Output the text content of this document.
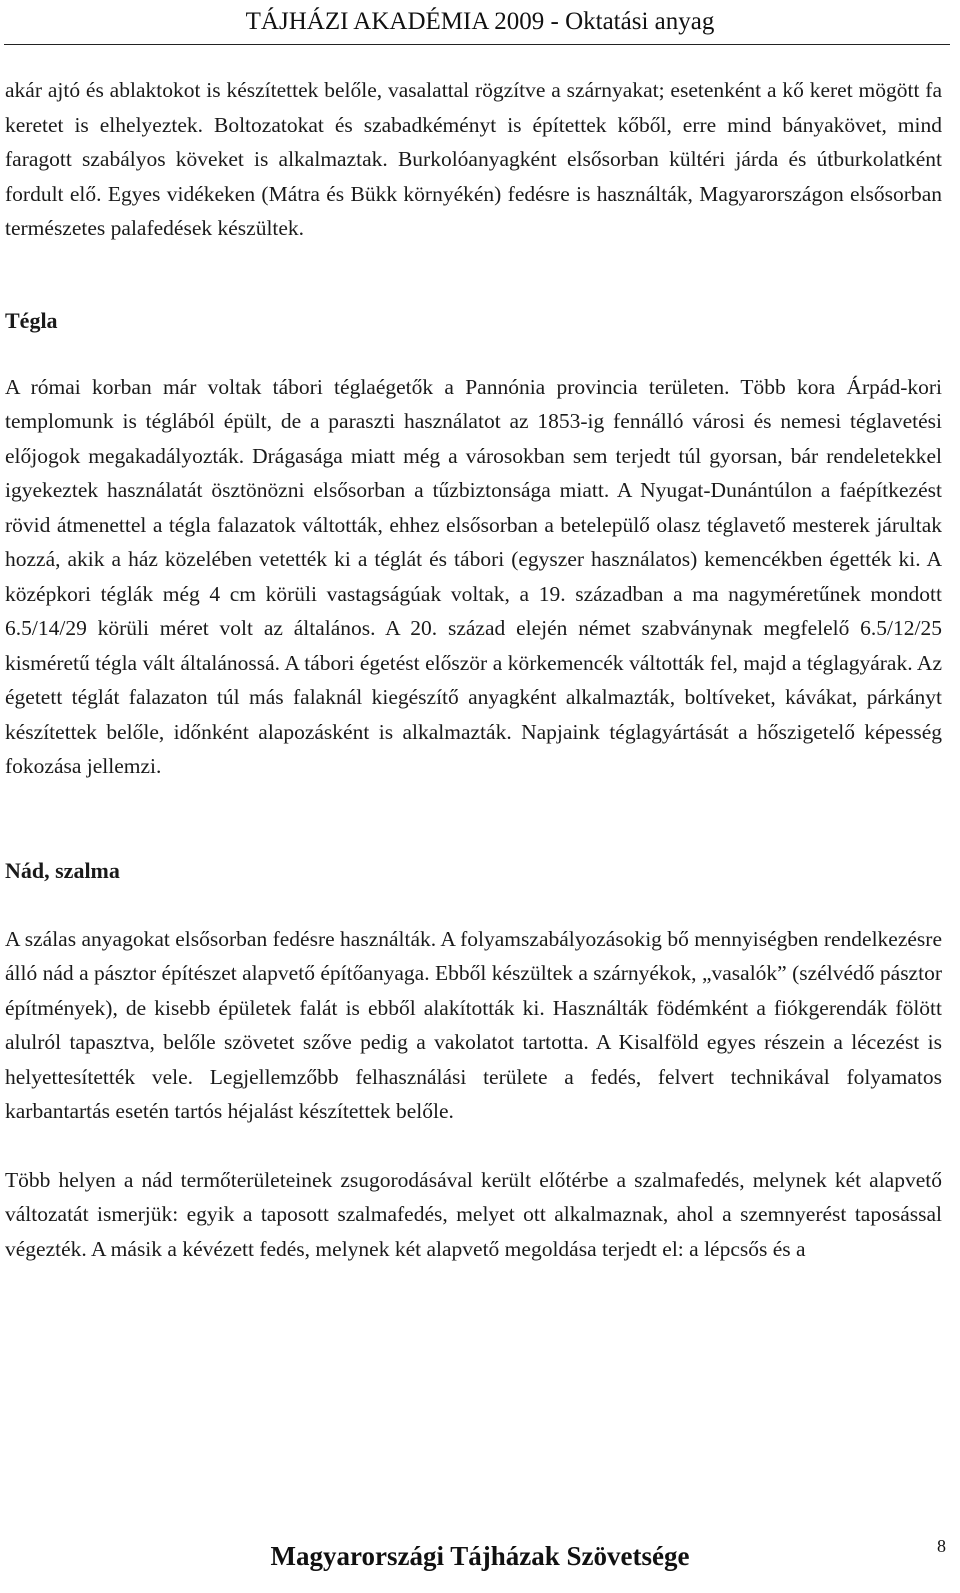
TÁJHÁZI AKADÉMIA 2009 - Oktatási anyag

akár ajtó és ablaktokot is készítettek belőle, vasalattal rögzítve a szárnyakat; esetenként a kő keret mögött fa keretet is elhelyeztek. Boltozatokat és szabadkéményt is építettek kőből, erre mind bányakövet, mind faragott szabályos köveket is alkalmaztak. Burkolóanyagként elsősorban kültéri járda és útburkolatként fordult elő. Egyes vidékeken (Mátra és Bükk környékén) fedésre is használták, Magyarországon elsősorban természetes palafedések készültek.

Tégla

A római korban már voltak tábori téglaégetők a Pannónia provincia területen. Több kora Árpád-kori templomunk is téglából épült, de a paraszti használatot az 1853-ig fennálló városi és nemesi téglavetési előjogok megakadályozták. Drágasága miatt még a városokban sem terjedt túl gyorsan, bár rendeletekkel igyekeztek használatát ösztönözni elsősorban a tűzbiztonsága miatt. A Nyugat-Dunántúlon a faépítkezést rövid átmenettel a tégla falazatok váltották, ehhez elsősorban a betelepülő olasz téglavető mesterek járultak hozzá, akik a ház közelében vetették ki a téglát és tábori (egyszer használatos) kemencékben égették ki. A középkori téglák még 4 cm körüli vastagságúak voltak, a 19. században a ma nagyméretűnek mondott 6.5/14/29 körüli méret volt az általános. A 20. század elején német szabványnak megfelelő 6.5/12/25 kisméretű tégla vált általánossá. A tábori égetést először a körkemencék váltották fel, majd a téglagyárak. Az égetett téglát falazaton túl más falaknál kiegészítő anyagként alkalmazták, boltíveket, kávákat, párkányt készítettek belőle, időnként alapozásként is alkalmazták. Napjaink téglagyártását a hőszigetelő képesség fokozása jellemzi.

Nád, szalma

A szálas anyagokat elsősorban fedésre használták. A folyamszabályozásokig bő mennyiségben rendelkezésre álló nád a pásztor építészet alapvető építőanyaga. Ebből készültek a szárnyékok, „vasalók” (szélvédő pásztor építmények), de kisebb épületek falát is ebből alakították ki. Használták födémként a fiókgerendák fölött alulról tapasztva, belőle szövetet szőve pedig a vakolatot tartotta. A Kisalföld egyes részein a lécezést is helyettesítették vele. Legjellemzőbb felhasználási területe a fedés, felvert technikával folyamatos karbantartás esetén tartós héjalást készítettek belőle.

Több helyen a nád termőterületeinek zsugorodásával került előtérbe a szalmafedés, melynek két alapvető változatát ismerjük: egyik a taposott szalmafedés, melyet ott alkalmaznak, ahol a szemnyerést taposással végezték. A másik a kévézett fedés, melynek két alapvető megoldása terjedt el: a lépcsős és a

Magyarországi Tájházak Szövetsége	8
